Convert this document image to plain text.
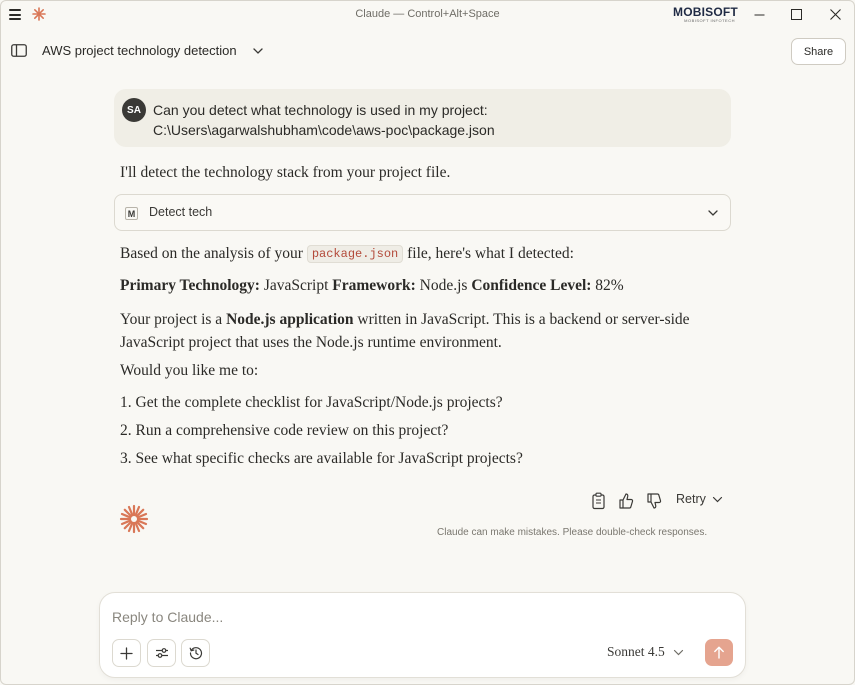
Claude — Control+Alt+Space	MOBISOFT
MOBISOFT INFOTECH
AWS project technology detection	Share
SA Can you detect what technology is used in my project:
C:\Users\agarwalshubham\code\aws-poc\package.json
I'll detect the technology stack from your project file.
M Detect tech
Based on the analysis of your package.json file, here's what I detected:
Primary Technology: JavaScript Framework: Node.js Confidence Level: 82%
Your project is a Node.js application written in JavaScript. This is a backend or server-side JavaScript project that uses the Node.js runtime environment.
Would you like me to:
1. Get the complete checklist for JavaScript/Node.js projects?
2. Run a comprehensive code review on this project?
3. See what specific checks are available for JavaScript projects?
Retry
Claude can make mistakes. Please double-check responses.
Reply to Claude...
Sonnet 4.5
